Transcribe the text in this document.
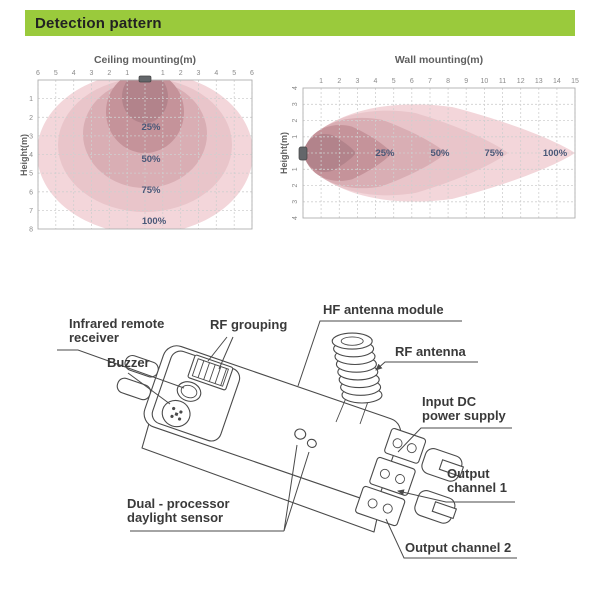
Detection pattern
Ceiling mounting(m)
6 5 4 3 2 1	1 2 3 4 5 6
1
2
3
4
5
6
7
8
Height(m)
25%
50%
75%
100%
Wall mounting(m)
1 2 3 4 5 6 7 8 9 10 11 12 13 14 15
4
3
2
1
1
2
3
4
Height(m)	25%	50%	75%	100%
Infrared remote
receiver
Buzzer
RF grouping
HF antenna module
RF antenna
Input DC
power supply
Output
channel 1
Output channel 2
Dual - processor
daylight sensor
